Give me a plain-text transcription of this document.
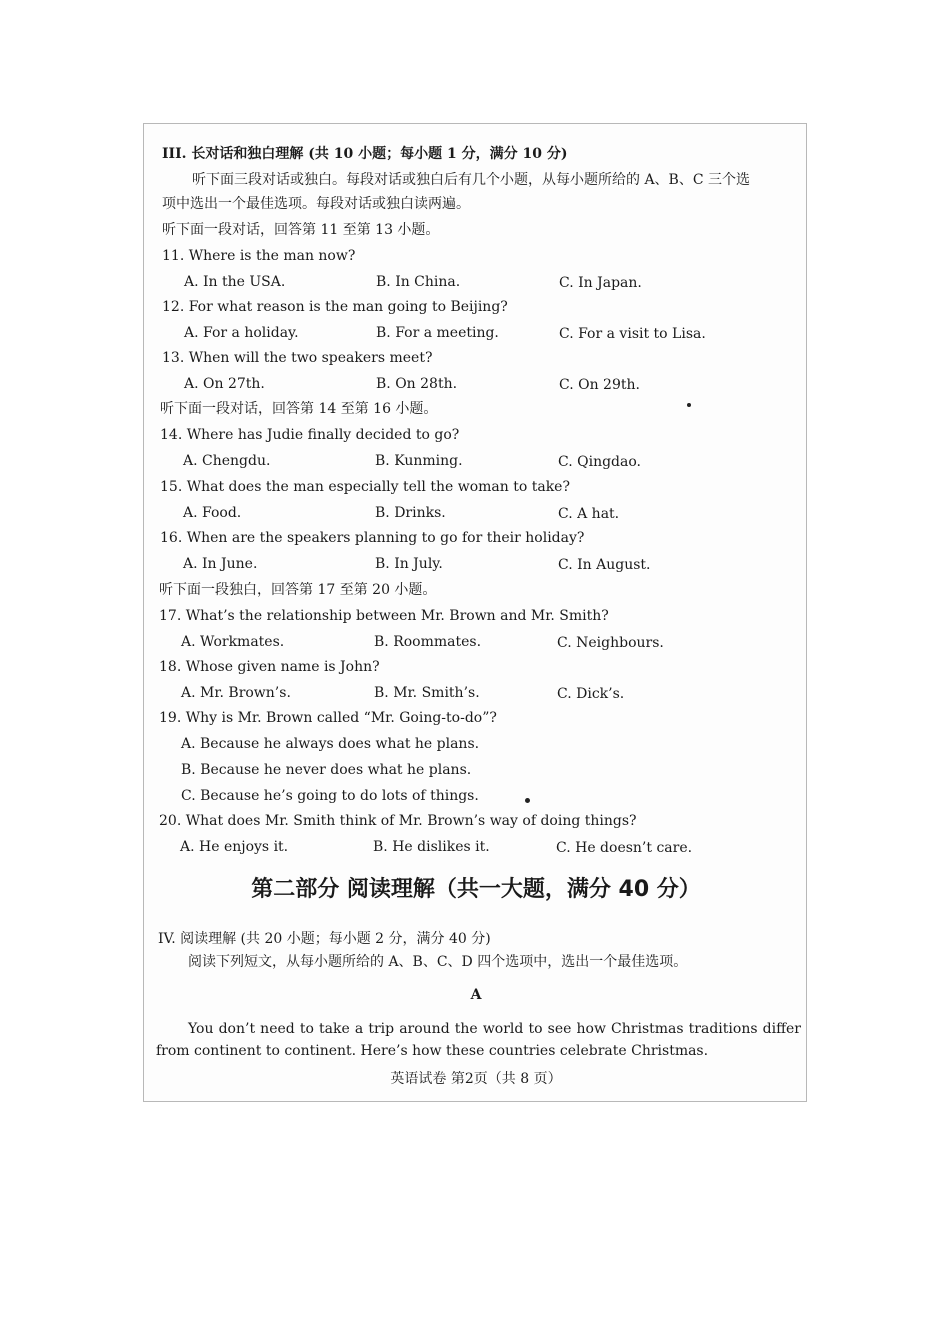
III. 长对话和独白理解 (共 10 小题；每小题 1 分，满分 10 分)
听下面三段对话或独白。每段对话或独白后有几个小题，从每小题所给的 A、B、C 三个选
项中选出一个最佳选项。每段对话或独白读两遍。
听下面一段对话，回答第 11 至第 13 小题。
11. Where is the man now?
A. In the USA.	B. In China.	C. In Japan.
12. For what reason is the man going to Beijing?
A. For a holiday.	B. For a meeting.	C. For a visit to Lisa.
13. When will the two speakers meet?
A. On 27th.	B. On 28th.	C. On 29th.
听下面一段对话，回答第 14 至第 16 小题。
14. Where has Judie finally decided to go?
A. Chengdu.	B. Kunming.	C. Qingdao.
15. What does the man especially tell the woman to take?
A. Food.	B. Drinks.	C. A hat.
16. When are the speakers planning to go for their holiday?
A. In June.	B. In July.	C. In August.
听下面一段独白，回答第 17 至第 20 小题。
17. What’s the relationship between Mr. Brown and Mr. Smith?
A. Workmates.	B. Roommates.	C. Neighbours.
18. Whose given name is John?
A. Mr. Brown’s.	B. Mr. Smith’s.	C. Dick’s.
19. Why is Mr. Brown called “Mr. Going-to-do”?
A. Because he always does what he plans.
B. Because he never does what he plans.
C. Because he’s going to do lots of things.
20. What does Mr. Smith think of Mr. Brown’s way of doing things?
A. He enjoys it.	B. He dislikes it.	C. He doesn’t care.
第二部分 阅读理解（共一大题，满分 40 分）
IV. 阅读理解 (共 20 小题；每小题 2 分，满分 40 分)
阅读下列短文，从每小题所给的 A、B、C、D 四个选项中，选出一个最佳选项。
A
You don’t need to take a trip around the world to see how Christmas traditions differ from continent to continent. Here’s how these countries celebrate Christmas.
英语试卷 第2页（共 8 页）
